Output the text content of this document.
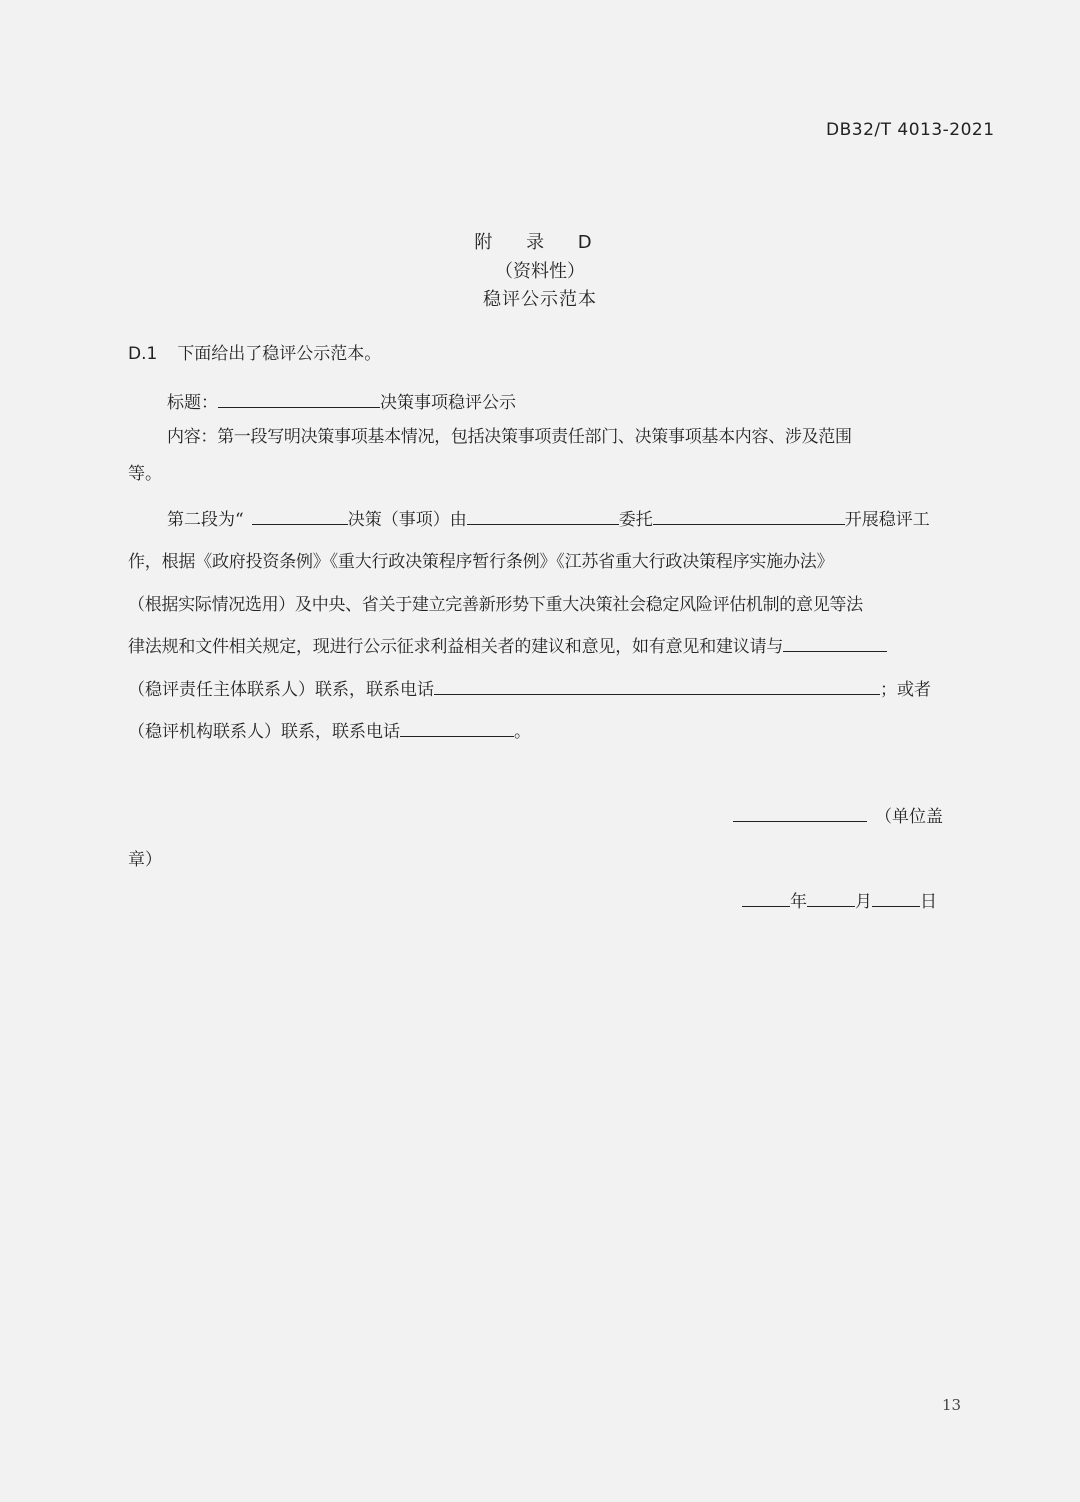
DB32/T 4013-2021
附 录 D
（资料性）
稳评公示范本
D.1 下面给出了稳评公示范本。
标题：	决策事项稳评公示
内容：第一段写明决策事项基本情况，包括决策事项责任部门、决策事项基本内容、涉及范围
等。
第二段为“	决策（事项）由	委托	开展稳评工
作，根据《政府投资条例》《重大行政决策程序暂行条例》《江苏省重大行政决策程序实施办法》
（根据实际情况选用）及中央、省关于建立完善新形势下重大决策社会稳定风险评估机制的意见等法
律法规和文件相关规定，现进行公示征求利益相关者的建议和意见，如有意见和建议请与
（稳评责任主体联系人）联系，联系电话	；或者
（稳评机构联系人）联系，联系电话	。
（单位盖
章）
年	月	日
13
